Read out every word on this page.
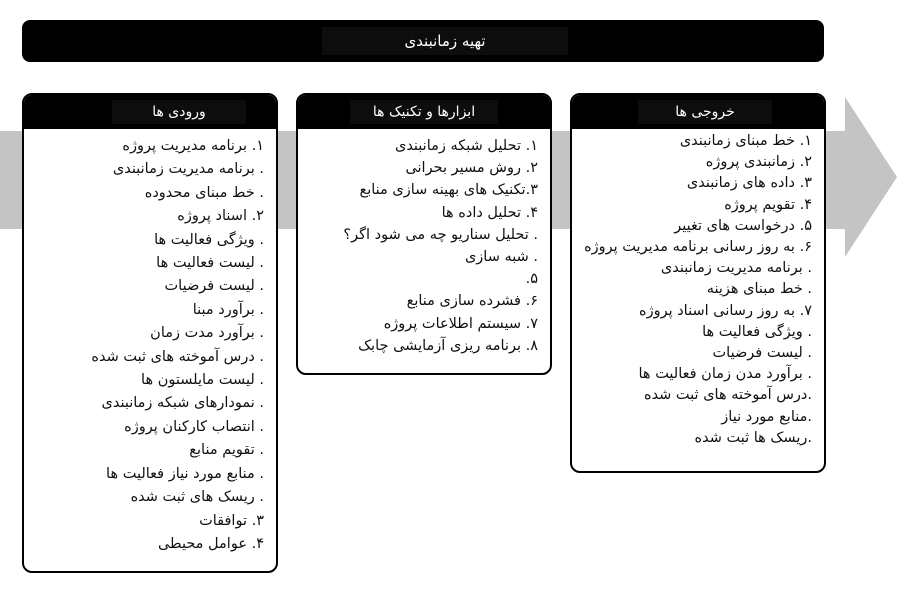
تهیه زمانبندی
ورودی ها
۱. برنامه مدیریت پروژه
. برنامه مدیریت زمانبندی
. خط مبنای محدوده
۲. اسناد پروژه
. ویژگی فعالیت ها
. لیست فعالیت ها
. لیست فرضیات
. برآورد مبنا
. برآورد مدت زمان
. درس آموخته های ثبت شده
. لیست مایلستون ها
. نمودارهای شبکه زمانبندی
. انتصاب کارکنان پروژه
. تقویم منابع
. منابع مورد نیاز فعالیت ها
. ریسک های ثبت شده
۳. توافقات
۴. عوامل محیطی
ابزارها و تکنیک ها
۱. تحلیل شبکه زمانبندی
۲. روش مسیر بحرانی
۳.تکنیک های بهینه سازی منابع
۴. تحلیل داده ها
. تحلیل سناریو چه می شود اگر؟
. شبه سازی
۵.
۶. فشرده سازی منابع
۷. سیستم اطلاعات پروژه
۸. برنامه ریزی آزمایشی چابک
خروجی ها
۱. خط مبنای زمانبندی
۲. زمانبندی پروژه
۳. داده های زمانبندی
۴. تقویم پروژه
۵. درخواست های تغییر
۶. به روز رسانی برنامه مدیریت پروژه
. برنامه مدیریت زمانبندی
. خط مبنای هزینه
۷. به روز رسانی اسناد پروژه
. ویژگی فعالیت ها
. لیست فرضیات
. برآورد مدن زمان فعالیت ها
.درس آموخته های ثبت شده
.منابع مورد نیاز
.ریسک ها ثبت شده
